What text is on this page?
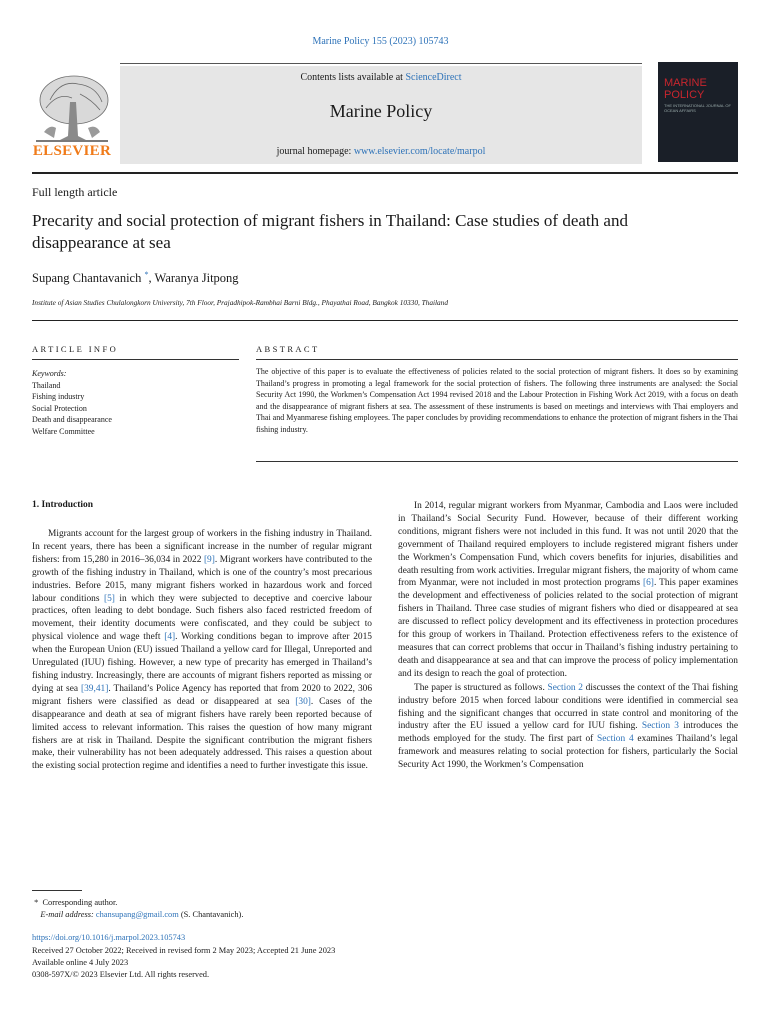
Marine Policy 155 (2023) 105743
Contents lists available at ScienceDirect
Marine Policy
journal homepage: www.elsevier.com/locate/marpol
ELSEVIER
MARINE POLICY
THE INTERNATIONAL JOURNAL OF OCEAN AFFAIRS
Full length article
Precarity and social protection of migrant fishers in Thailand: Case studies of death and disappearance at sea
Supang Chantavanich *, Waranya Jitpong
Institute of Asian Studies Chulalongkorn University, 7th Floor, Prajadhipok-Rambhai Barni Bldg., Phayathai Road, Bangkok 10330, Thailand
ARTICLE INFO	ABSTRACT
Keywords:
Thailand
Fishing industry
Social Protection
Death and disappearance
Welfare Committee
The objective of this paper is to evaluate the effectiveness of policies related to the social protection of migrant fishers. It does so by examining Thailand’s progress in promoting a legal framework for the social protection of fishers. The following three instruments are analysed: the Social Security Act 1990, the Workmen’s Compensation Act 1994 revised 2018 and the Labour Protection in Fishing Work Act 2019, with a focus on death and the disappearance of migrant fishers at sea. The assessment of these instruments is based on meetings and interviews with Thai employers and Thai and Myanmarese fishing employees. The paper concludes by providing recommendations to enhance the protection of migrant fishers in the Thai fishing industry.
1. Introduction

Migrants account for the largest group of workers in the fishing industry in Thailand. In recent years, there has been a significant increase in the number of regular migrant fishers: from 15,280 in 2016–36,034 in 2022 [9]. Migrant workers have contributed to the growth of the fishing industry in Thailand, which is one of the country’s most precarious industries. Before 2015, many migrant fishers worked in hazardous work and forced labour conditions [5] in which they were subjected to deceptive and coercive labour practices, often leading to debt bondage. Such fishers also faced restricted freedom of movement, their identity documents were confiscated, and they could be subject to physical violence and wage theft [4]. Working conditions began to improve after 2015 when the European Union (EU) issued Thailand a yellow card for Illegal, Unreported and Unregulated (IUU) fishing. However, a new type of precarity has emerged in Thailand’s fishing industry. Increasingly, there are accounts of migrant fishers reported as missing or dying at sea [39,41]. Thailand’s Police Agency has reported that from 2020 to 2022, 306 migrant fishers were classified as dead or disappeared at sea [30]. Cases of the disappearance and death at sea of migrant fishers have rarely been reported because of limited access to relevant information. This raises the question of how many migrant fishers are at risk in Thailand. Despite the significant contribution the migrant fishers make, their vulnerability has not been adequately addressed. This raises a question about the existing social protection regime and identifies a need to further investigate this issue.

In 2014, regular migrant workers from Myanmar, Cambodia and Laos were included in Thailand’s Social Security Fund. However, because of their different working conditions, migrant fishers were not included in this fund. It was not until 2020 that the government of Thailand required employers to include registered migrant fishers under the Workmen’s Compensation Fund, which covers benefits for injuries, disabilities and death resulting from work activities. Irregular migrant fishers, the majority of whom came from Myanmar, were not included in most protection programs [6]. This paper examines the development and effectiveness of policies related to the social protection of migrant fishers in Thailand. Three case studies of migrant fishers who died or disappeared at sea are discussed to reflect policy development and its effectiveness in protection procedures for this group of workers in Thailand. Protection effectiveness refers to the existence of measures that can correct problems that occur in Thailand’s fishing industry pertaining to death and disappearance at sea and that can improve the process of policy implementation and its design to reach the goal of protection.

The paper is structured as follows. Section 2 discusses the context of the Thai fishing industry before 2015 when forced labour conditions were identified in commercial sea fishing and the significant changes that occurred in state control and monitoring of the industry after the EU issued a yellow card for IUU fishing. Section 3 introduces the methods employed for the study. The first part of Section 4 examines Thailand’s legal framework and measures relating to social protection for fishers, particularly the Social Security Act 1990, the Workmen’s Compensation

* Corresponding author.
E-mail address: chansupang@gmail.com (S. Chantavanich).
https://doi.org/10.1016/j.marpol.2023.105743
Received 27 October 2022; Received in revised form 2 May 2023; Accepted 21 June 2023
Available online 4 July 2023
0308-597X/© 2023 Elsevier Ltd. All rights reserved.
